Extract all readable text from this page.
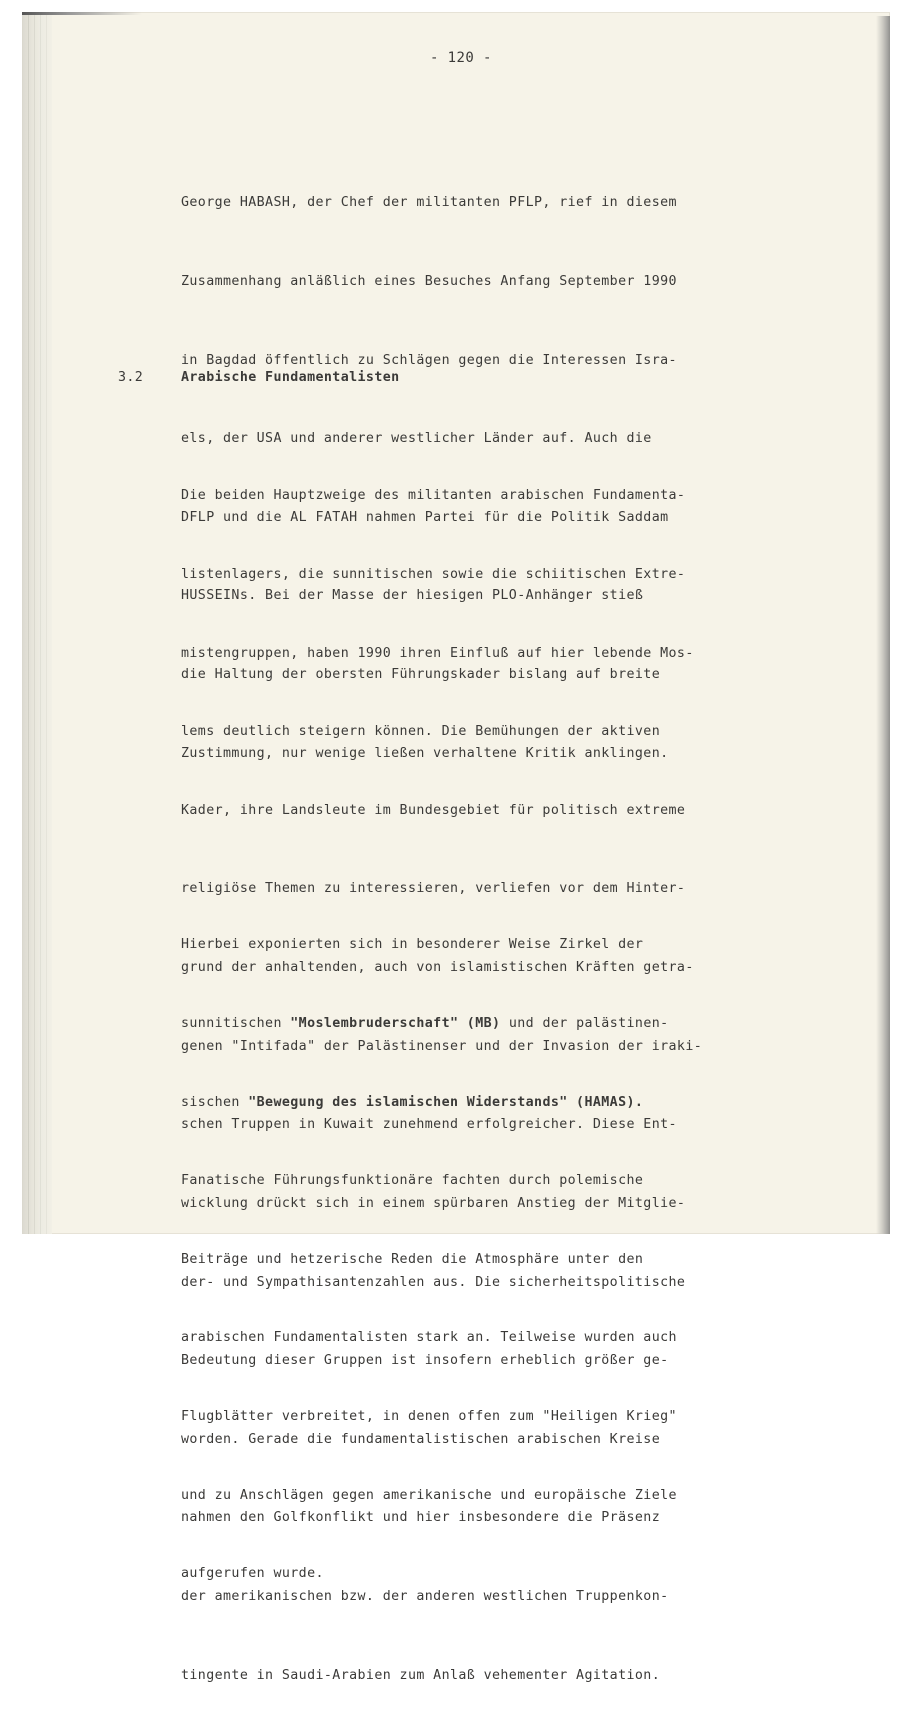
- 120 -

George HABASH, der Chef der militanten PFLP, rief in diesem

Zusammenhang anläßlich eines Besuches Anfang September 1990

in Bagdad öffentlich zu Schlägen gegen die Interessen Isra-

els, der USA und anderer westlicher Länder auf. Auch die

DFLP und die AL FATAH nahmen Partei für die Politik Saddam

HUSSEINs. Bei der Masse der hiesigen PLO-Anhänger stieß

die Haltung der obersten Führungskader bislang auf breite

Zustimmung, nur wenige ließen verhaltene Kritik anklingen.

3.2	Arabische Fundamentalisten

Die beiden Hauptzweige des militanten arabischen Fundamenta-

listenlagers, die sunnitischen sowie die schiitischen Extre-

mistengruppen, haben 1990 ihren Einfluß auf hier lebende Mos-

lems deutlich steigern können. Die Bemühungen der aktiven

Kader, ihre Landsleute im Bundesgebiet für politisch extreme

religiöse Themen zu interessieren, verliefen vor dem Hinter-

grund der anhaltenden, auch von islamistischen Kräften getra-

genen "Intifada" der Palästinenser und der Invasion der iraki-

schen Truppen in Kuwait zunehmend erfolgreicher. Diese Ent-

wicklung drückt sich in einem spürbaren Anstieg der Mitglie-

der- und Sympathisantenzahlen aus. Die sicherheitspolitische

Bedeutung dieser Gruppen ist insofern erheblich größer ge-

worden. Gerade die fundamentalistischen arabischen Kreise

nahmen den Golfkonflikt und hier insbesondere die Präsenz

der amerikanischen bzw. der anderen westlichen Truppenkon-

tingente in Saudi-Arabien zum Anlaß vehementer Agitation.

Hierbei exponierten sich in besonderer Weise Zirkel der

sunnitischen "Moslembruderschaft" (MB) und der palästinen-

sischen "Bewegung des islamischen Widerstands" (HAMAS).

Fanatische Führungsfunktionäre fachten durch polemische

Beiträge und hetzerische Reden die Atmosphäre unter den

arabischen Fundamentalisten stark an. Teilweise wurden auch

Flugblätter verbreitet, in denen offen zum "Heiligen Krieg"

und zu Anschlägen gegen amerikanische und europäische Ziele

aufgerufen wurde.
